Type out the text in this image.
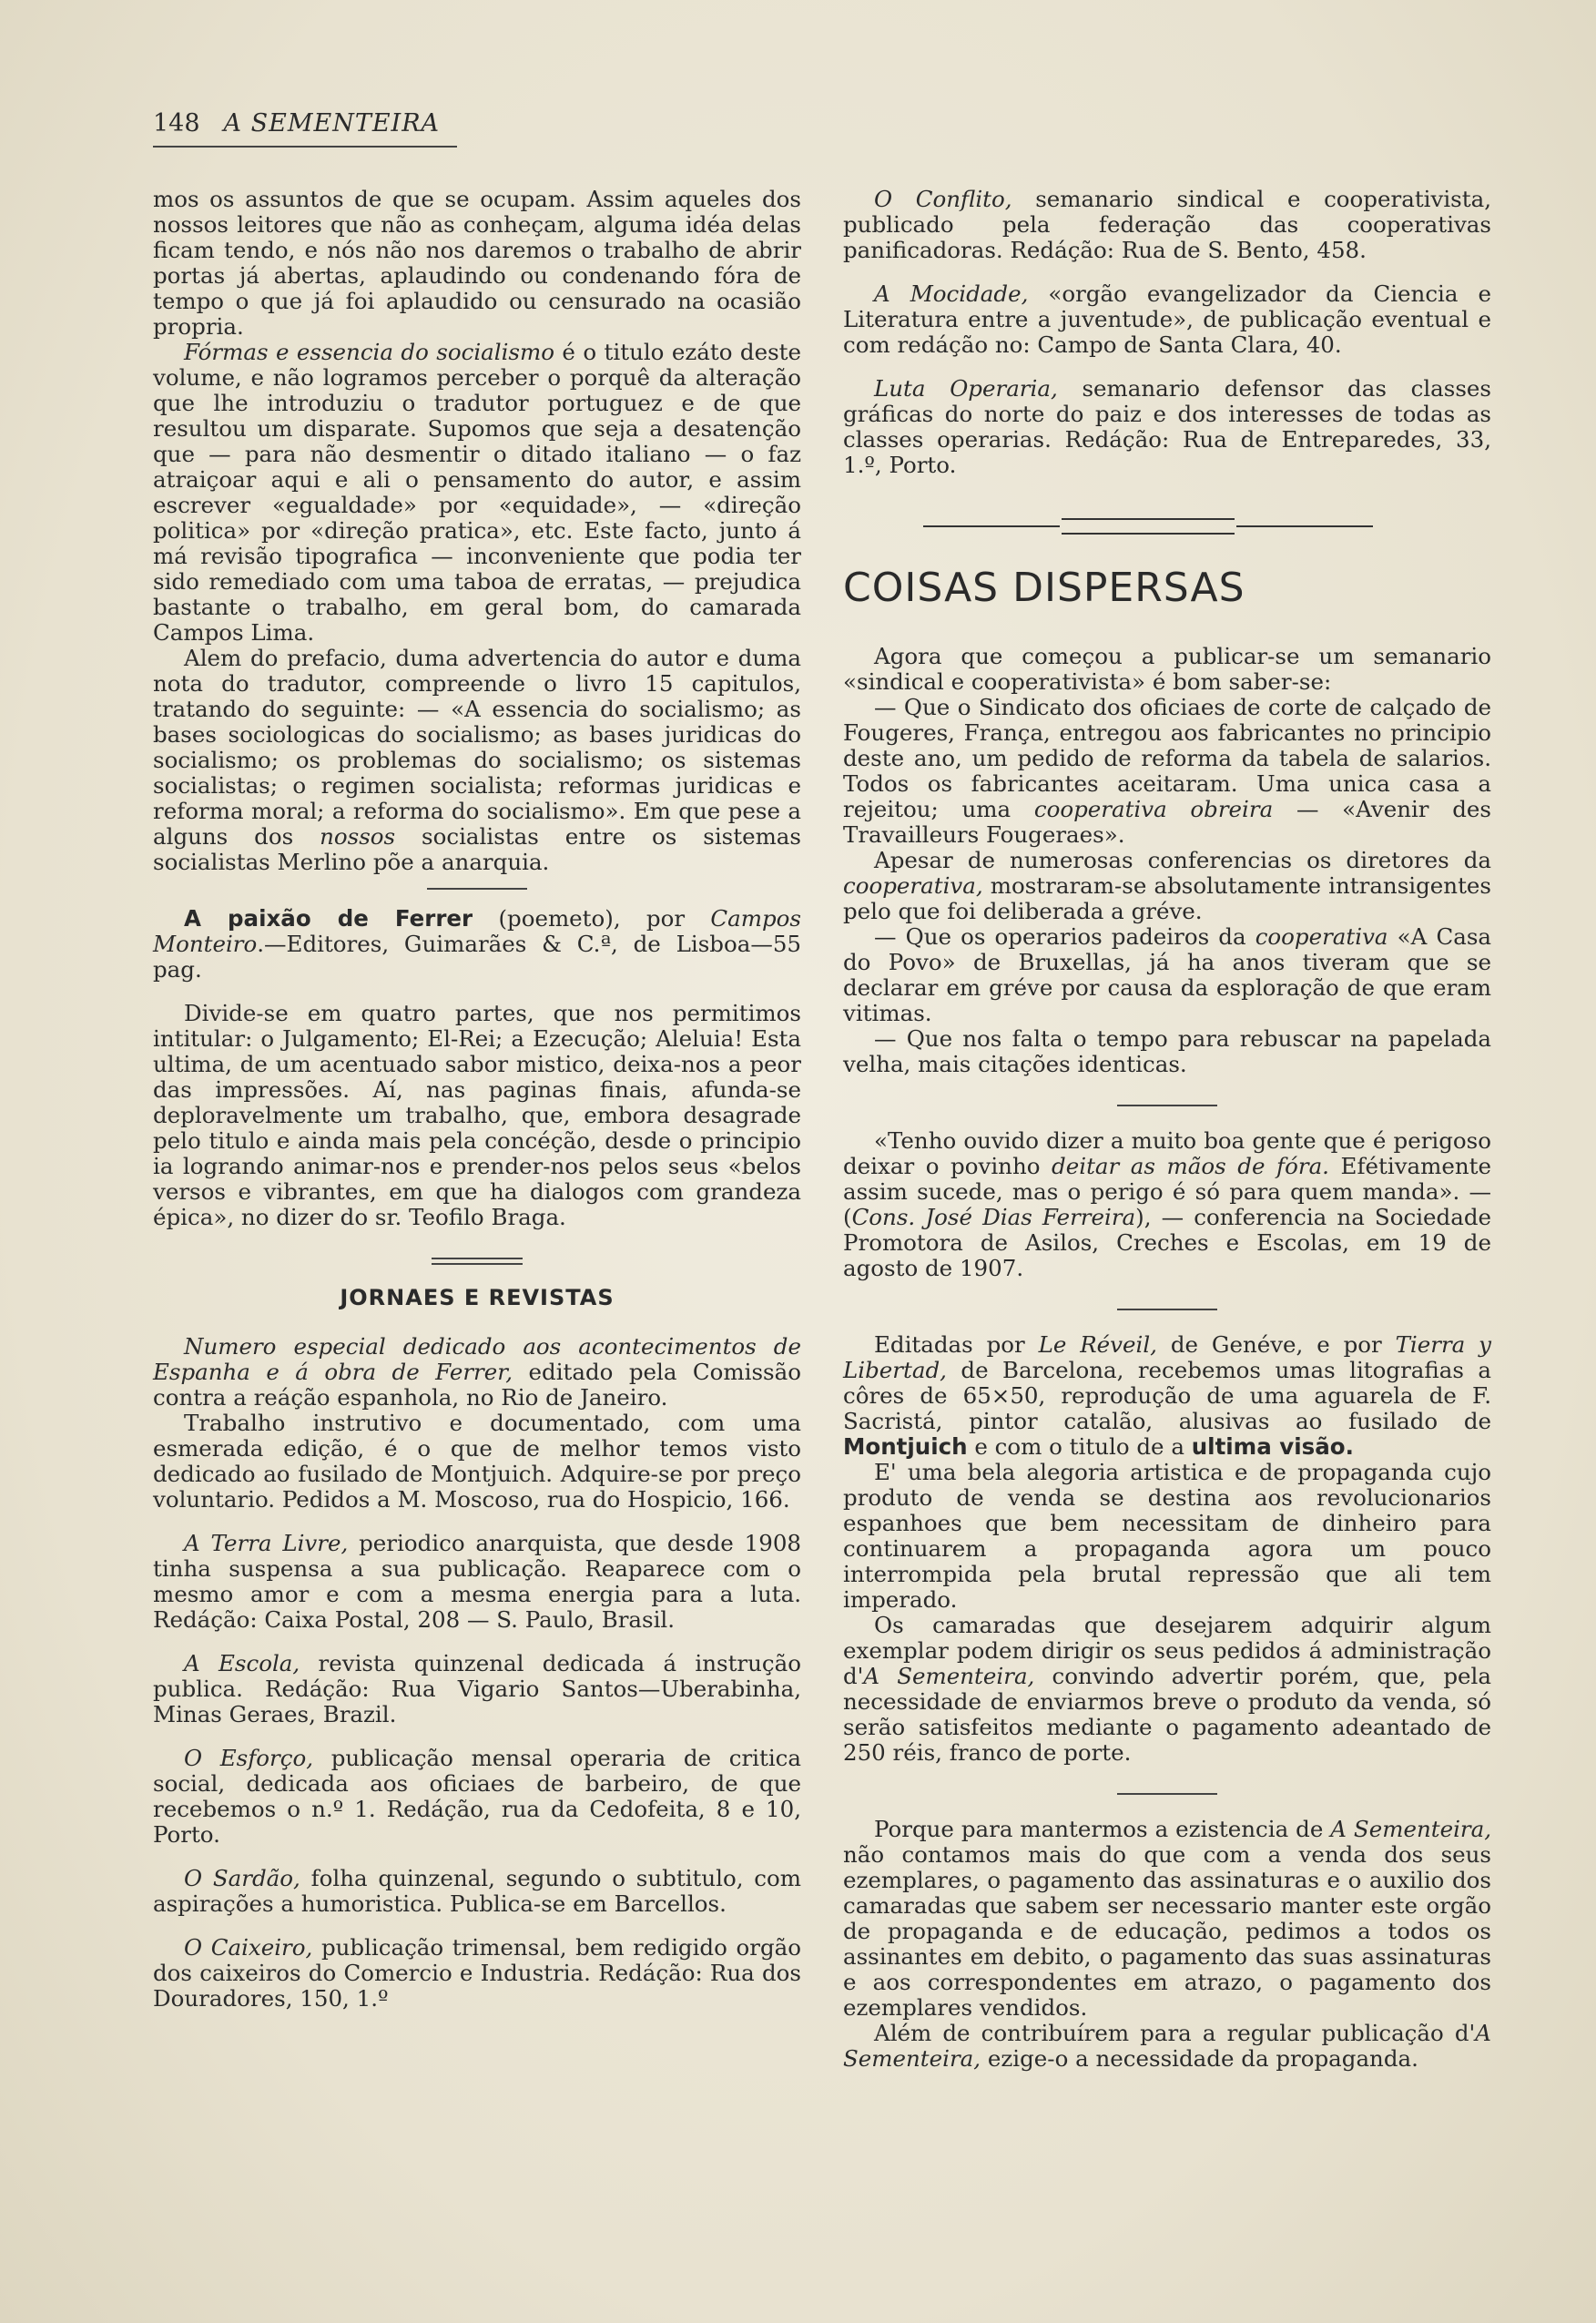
148 A SEMENTEIRA

mos os assuntos de que se ocupam. Assim aqueles dos nossos leitores que não as conheçam, alguma idéa delas ficam tendo, e nós não nos daremos o trabalho de abrir portas já abertas, aplaudindo ou condenando fóra de tempo o que já foi aplaudido ou censurado na ocasião propria.

Fórmas e essencia do socialismo é o titulo ezáto deste volume, e não logramos perceber o porquê da alteração que lhe introduziu o tradutor portuguez e de que resultou um disparate. Supomos que seja a desatenção que — para não desmentir o ditado italiano — o faz atraiçoar aqui e ali o pensamento do autor, e assim escrever «egualdade» por «equidade», — «direção politica» por «direção pratica», etc. Este facto, junto á má revisão tipografica — inconveniente que podia ter sido remediado com uma taboa de erratas, — prejudica bastante o trabalho, em geral bom, do camarada Campos Lima.

Alem do prefacio, duma advertencia do autor e duma nota do tradutor, compreende o livro 15 capitulos, tratando do seguinte: — «A essencia do socialismo; as bases sociologicas do socialismo; as bases juridicas do socialismo; os problemas do socialismo; os sistemas socialistas; o regimen socialista; reformas juridicas e reforma moral; a reforma do socialismo». Em que pese a alguns dos nossos socialistas entre os sistemas socialistas Merlino põe a anarquia.

A paixão de Ferrer (poemeto), por Campos Monteiro.—Editores, Guimarães & C.ª, de Lisboa—55 pag.

Divide-se em quatro partes, que nos permitimos intitular: o Julgamento; El-Rei; a Ezecução; Aleluia! Esta ultima, de um acentuado sabor mistico, deixa-nos a peor das impressões. Aí, nas paginas finais, afunda-se deploravelmente um trabalho, que, embora desagrade pelo titulo e ainda mais pela concéção, desde o principio ia logrando animar-nos e prender-nos pelos seus «belos versos e vibrantes, em que ha dialogos com grandeza épica», no dizer do sr. Teofilo Braga.

JORNAES E REVISTAS

Numero especial dedicado aos acontecimentos de Espanha e á obra de Ferrer, editado pela Comissão contra a reáção espanhola, no Rio de Janeiro.

Trabalho instrutivo e documentado, com uma esmerada edição, é o que de melhor temos visto dedicado ao fusilado de Montjuich. Adquire-se por preço voluntario. Pedidos a M. Moscoso, rua do Hospicio, 166.

A Terra Livre, periodico anarquista, que desde 1908 tinha suspensa a sua publicação. Reaparece com o mesmo amor e com a mesma energia para a luta. Redáção: Caixa Postal, 208 — S. Paulo, Brasil.

A Escola, revista quinzenal dedicada á instrução publica. Redáção: Rua Vigario Santos—Uberabinha, Minas Geraes, Brazil.

O Esforço, publicação mensal operaria de critica social, dedicada aos oficiaes de barbeiro, de que recebemos o n.º 1. Redáção, rua da Cedofeita, 8 e 10, Porto.

O Sardão, folha quinzenal, segundo o subtitulo, com aspirações a humoristica. Publica-se em Barcellos.

O Caixeiro, publicação trimensal, bem redigido orgão dos caixeiros do Comercio e Industria. Redáção: Rua dos Douradores, 150, 1.º

O Conflito, semanario sindical e cooperativista, publicado pela federação das cooperativas panificadoras. Redáção: Rua de S. Bento, 458.

A Mocidade, «orgão evangelizador da Ciencia e Literatura entre a juventude», de publicação eventual e com redáção no: Campo de Santa Clara, 40.

Luta Operaria, semanario defensor das classes gráficas do norte do paiz e dos interesses de todas as classes operarias. Redáção: Rua de Entreparedes, 33, 1.º, Porto.

COISAS DISPERSAS

Agora que começou a publicar-se um semanario «sindical e cooperativista» é bom saber-se:

— Que o Sindicato dos oficiaes de corte de calçado de Fougeres, França, entregou aos fabricantes no principio deste ano, um pedido de reforma da tabela de salarios. Todos os fabricantes aceitaram. Uma unica casa a rejeitou; uma cooperativa obreira — «Avenir des Travailleurs Fougeraes».

Apesar de numerosas conferencias os diretores da cooperativa, mostraram-se absolutamente intransigentes pelo que foi deliberada a gréve.

— Que os operarios padeiros da cooperativa «A Casa do Povo» de Bruxellas, já ha anos tiveram que se declarar em gréve por causa da esploração de que eram vitimas.

— Que nos falta o tempo para rebuscar na papelada velha, mais citações identicas.

«Tenho ouvido dizer a muito boa gente que é perigoso deixar o povinho deitar as mãos de fóra. Efétivamente assim sucede, mas o perigo é só para quem manda». — (Cons. José Dias Ferreira), — conferencia na Sociedade Promotora de Asilos, Creches e Escolas, em 19 de agosto de 1907.

Editadas por Le Réveil, de Genéve, e por Tierra y Libertad, de Barcelona, recebemos umas litografias a côres de 65×50, reprodução de uma aguarela de F. Sacristá, pintor catalão, alusivas ao fusilado de Montjuich e com o titulo de a ultima visão.

E' uma bela alegoria artistica e de propaganda cujo produto de venda se destina aos revolucionarios espanhoes que bem necessitam de dinheiro para continuarem a propaganda agora um pouco interrompida pela brutal repressão que ali tem imperado.

Os camaradas que desejarem adquirir algum exemplar podem dirigir os seus pedidos á administração d'A Sementeira, convindo advertir porém, que, pela necessidade de enviarmos breve o produto da venda, só serão satisfeitos mediante o pagamento adeantado de 250 réis, franco de porte.

Porque para mantermos a ezistencia de A Sementeira, não contamos mais do que com a venda dos seus ezemplares, o pagamento das assinaturas e o auxilio dos camaradas que sabem ser necessario manter este orgão de propaganda e de educação, pedimos a todos os assinantes em debito, o pagamento das suas assinaturas e aos correspondentes em atrazo, o pagamento dos ezemplares vendidos.

Além de contribuírem para a regular publicação d'A Sementeira, ezige-o a necessidade da propaganda.
